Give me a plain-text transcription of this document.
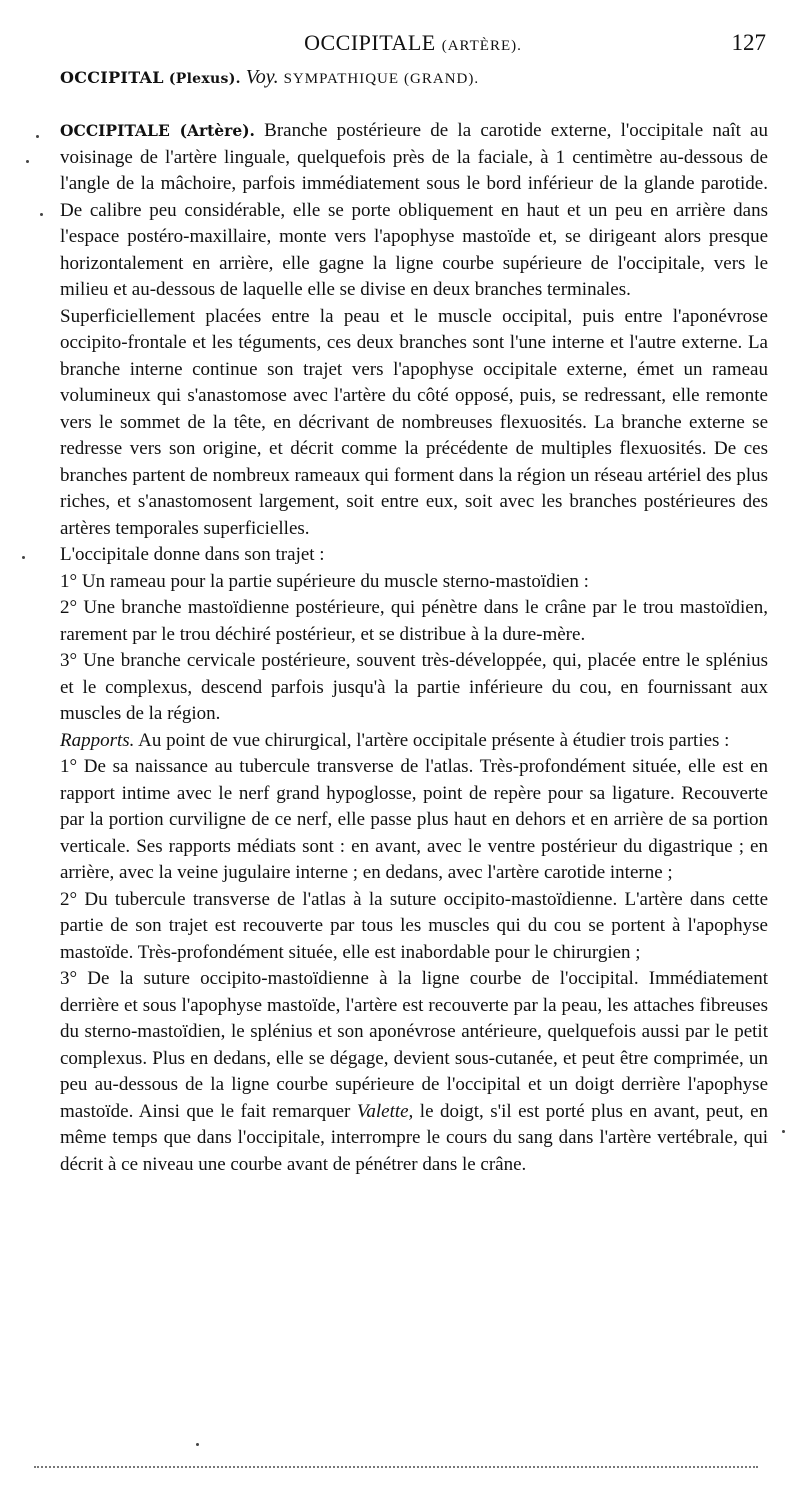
OCCIPITALE (ARTÈRE).	127
OCCIPITAL (Plexus). Voy. SYMPATHIQUE (GRAND).

OCCIPITALE (Artère). Branche postérieure de la carotide externe, l'occipitale naît au voisinage de l'artère linguale, quelquefois près de la faciale, à 1 centimètre au-dessous de l'angle de la mâchoire, parfois immédiatement sous le bord inférieur de la glande parotide. De calibre peu considérable, elle se porte obliquement en haut et un peu en arrière dans l'espace postéro-maxillaire, monte vers l'apophyse mastoïde et, se dirigeant alors presque horizontalement en arrière, elle gagne la ligne courbe supérieure de l'occipitale, vers le milieu et au-dessous de laquelle elle se divise en deux branches terminales.

Superficiellement placées entre la peau et le muscle occipital, puis entre l'aponévrose occipito-frontale et les téguments, ces deux branches sont l'une interne et l'autre externe. La branche interne continue son trajet vers l'apophyse occipitale externe, émet un rameau volumineux qui s'anastomose avec l'artère du côté opposé, puis, se redressant, elle remonte vers le sommet de la tête, en décrivant de nombreuses flexuosités. La branche externe se redresse vers son origine, et décrit comme la précédente de multiples flexuosités. De ces branches partent de nombreux rameaux qui forment dans la région un réseau artériel des plus riches, et s'anastomosent largement, soit entre eux, soit avec les branches postérieures des artères temporales superficielles.

L'occipitale donne dans son trajet :

1° Un rameau pour la partie supérieure du muscle sterno-mastoïdien :

2° Une branche mastoïdienne postérieure, qui pénètre dans le crâne par le trou mastoïdien, rarement par le trou déchiré postérieur, et se distribue à la dure-mère.

3° Une branche cervicale postérieure, souvent très-développée, qui, placée entre le splénius et le complexus, descend parfois jusqu'à la partie inférieure du cou, en fournissant aux muscles de la région.

Rapports. Au point de vue chirurgical, l'artère occipitale présente à étudier trois parties :

1° De sa naissance au tubercule transverse de l'atlas. Très-profondément située, elle est en rapport intime avec le nerf grand hypoglosse, point de repère pour sa ligature. Recouverte par la portion curviligne de ce nerf, elle passe plus haut en dehors et en arrière de sa portion verticale. Ses rapports médiats sont : en avant, avec le ventre postérieur du digastrique ; en arrière, avec la veine jugulaire interne ; en dedans, avec l'artère carotide interne ;

2° Du tubercule transverse de l'atlas à la suture occipito-mastoïdienne. L'artère dans cette partie de son trajet est recouverte par tous les muscles qui du cou se portent à l'apophyse mastoïde. Très-profondément située, elle est inabordable pour le chirurgien ;

3° De la suture occipito-mastoïdienne à la ligne courbe de l'occipital. Immédiatement derrière et sous l'apophyse mastoïde, l'artère est recouverte par la peau, les attaches fibreuses du sterno-mastoïdien, le splénius et son aponévrose antérieure, quelquefois aussi par le petit complexus. Plus en dedans, elle se dégage, devient sous-cutanée, et peut être comprimée, un peu au-dessous de la ligne courbe supérieure de l'occipital et un doigt derrière l'apophyse mastoïde. Ainsi que le fait remarquer Valette, le doigt, s'il est porté plus en avant, peut, en même temps que dans l'occipitale, interrompre le cours du sang dans l'artère vertébrale, qui décrit à ce niveau une courbe avant de pénétrer dans le crâne.
